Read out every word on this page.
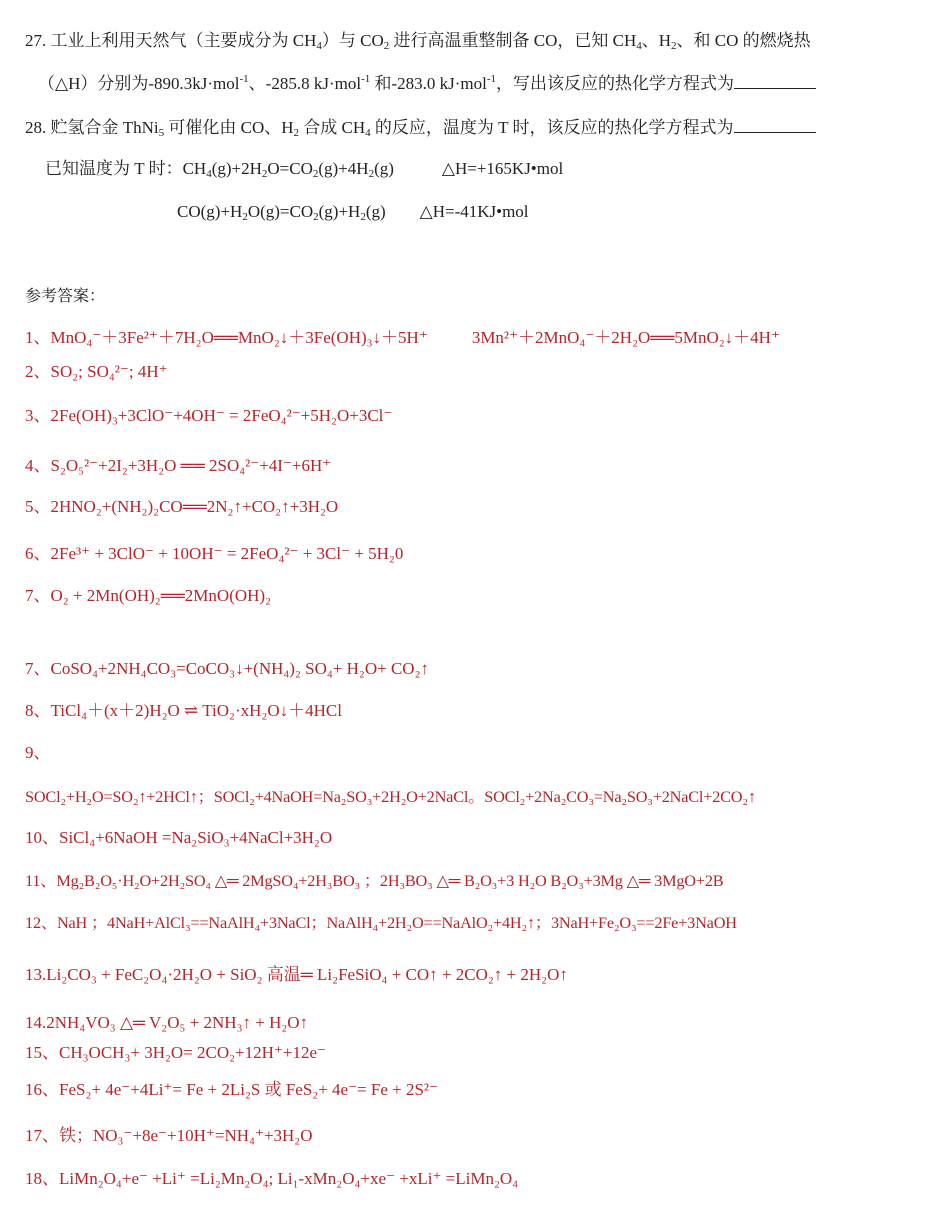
27. 工业上利用天然气（主要成分为 $CH_4$）与 $CO_2$ 进行高温重整制备 CO，已知 $CH_4$、$H_2$、和 CO 的燃烧热
（△H）分别为-890.3kJ·mol$^{-1}$、-285.8 kJ·mol$^{-1}$ 和-283.0 kJ·mol$^{-1}$，写出该反应的热化学方程式为
28. 贮氢合金 ThNi$_5$ 可催化由 CO、$H_2$ 合成 $CH_4$ 的反应，温度为 T 时，该反应的热化学方程式为
已知温度为 T 时：$CH_4(g)+2H_2O=CO_2(g)+4H_2(g)$	△H=+165KJ•mol
$CO(g)+H_2O(g)=CO_2(g)+H_2(g)$ △H=-41KJ•mol
参考答案：
1、MnO₄⁻＋3Fe²⁺＋7H₂O══MnO₂↓＋3Fe(OH)₃↓＋5H⁺	3Mn²⁺＋2MnO₄⁻＋2H₂O══5MnO₂↓＋4H⁺
2、SO₂; SO₄²⁻; 4H⁺
3、2Fe(OH)₃+3ClO⁻+4OH⁻ = 2FeO₄²⁻+5H₂O+3Cl⁻
4、S₂O₅²⁻+2I₂+3H₂O ══ 2SO₄²⁻+4I⁻+6H⁺
5、2HNO₂+(NH₂)₂CO══2N₂↑+CO₂↑+3H₂O
6、2Fe³⁺ + 3ClO⁻ + 10OH⁻ = 2FeO₄²⁻ + 3Cl⁻ + 5H₂0
7、O₂ + 2Mn(OH)₂══2MnO(OH)₂
7、CoSO₄+2NH₄CO₃=CoCO₃↓+(NH₄)₂ SO₄+ H₂O+ CO₂↑
8、TiCl₄＋(x＋2)H₂O ⇌ TiO₂·xH₂O↓＋4HCl
9、
SOCl₂+H₂O=SO₂↑+2HCl↑；SOCl₂+4NaOH=Na₂SO₃+2H₂O+2NaCl。SOCl₂+2Na₂CO₃=Na₂SO₃+2NaCl+2CO₂↑
10、SiCl₄+6NaOH =Na₂SiO₃+4NaCl+3H₂O
11、Mg₂B₂O₅·H₂O+2H₂SO₄ △═ 2MgSO₄+2H₃BO₃ ；2H₃BO₃ △═ B₂O₃+3 H₂O B₂O₃+3Mg △═ 3MgO+2B
12、NaH ；4NaH+AlCl₃==NaAlH₄+3NaCl；NaAlH₄+2H₂O==NaAlO₂+4H₂↑；3NaH+Fe₂O₃==2Fe+3NaOH
13.Li₂CO₃ + FeC₂O₄·2H₂O + SiO₂ 高温═ Li₂FeSiO₄ + CO↑ + 2CO₂↑ + 2H₂O↑
14.2NH₄VO₃ △═ V₂O₅ + 2NH₃↑ + H₂O↑
15、CH₃OCH₃+ 3H₂O= 2CO₂+12H⁺+12e⁻
16、FeS₂+ 4e⁻+4Li⁺= Fe + 2Li₂S 或 FeS₂+ 4e⁻= Fe + 2S²⁻
17、铁；NO₃⁻+8e⁻+10H⁺=NH₄⁺+3H₂O
18、LiMn₂O₄+e⁻ +Li⁺ =Li₂Mn₂O₄; Li₁-xMn₂O₄+xe⁻ +xLi⁺ =LiMn₂O₄
